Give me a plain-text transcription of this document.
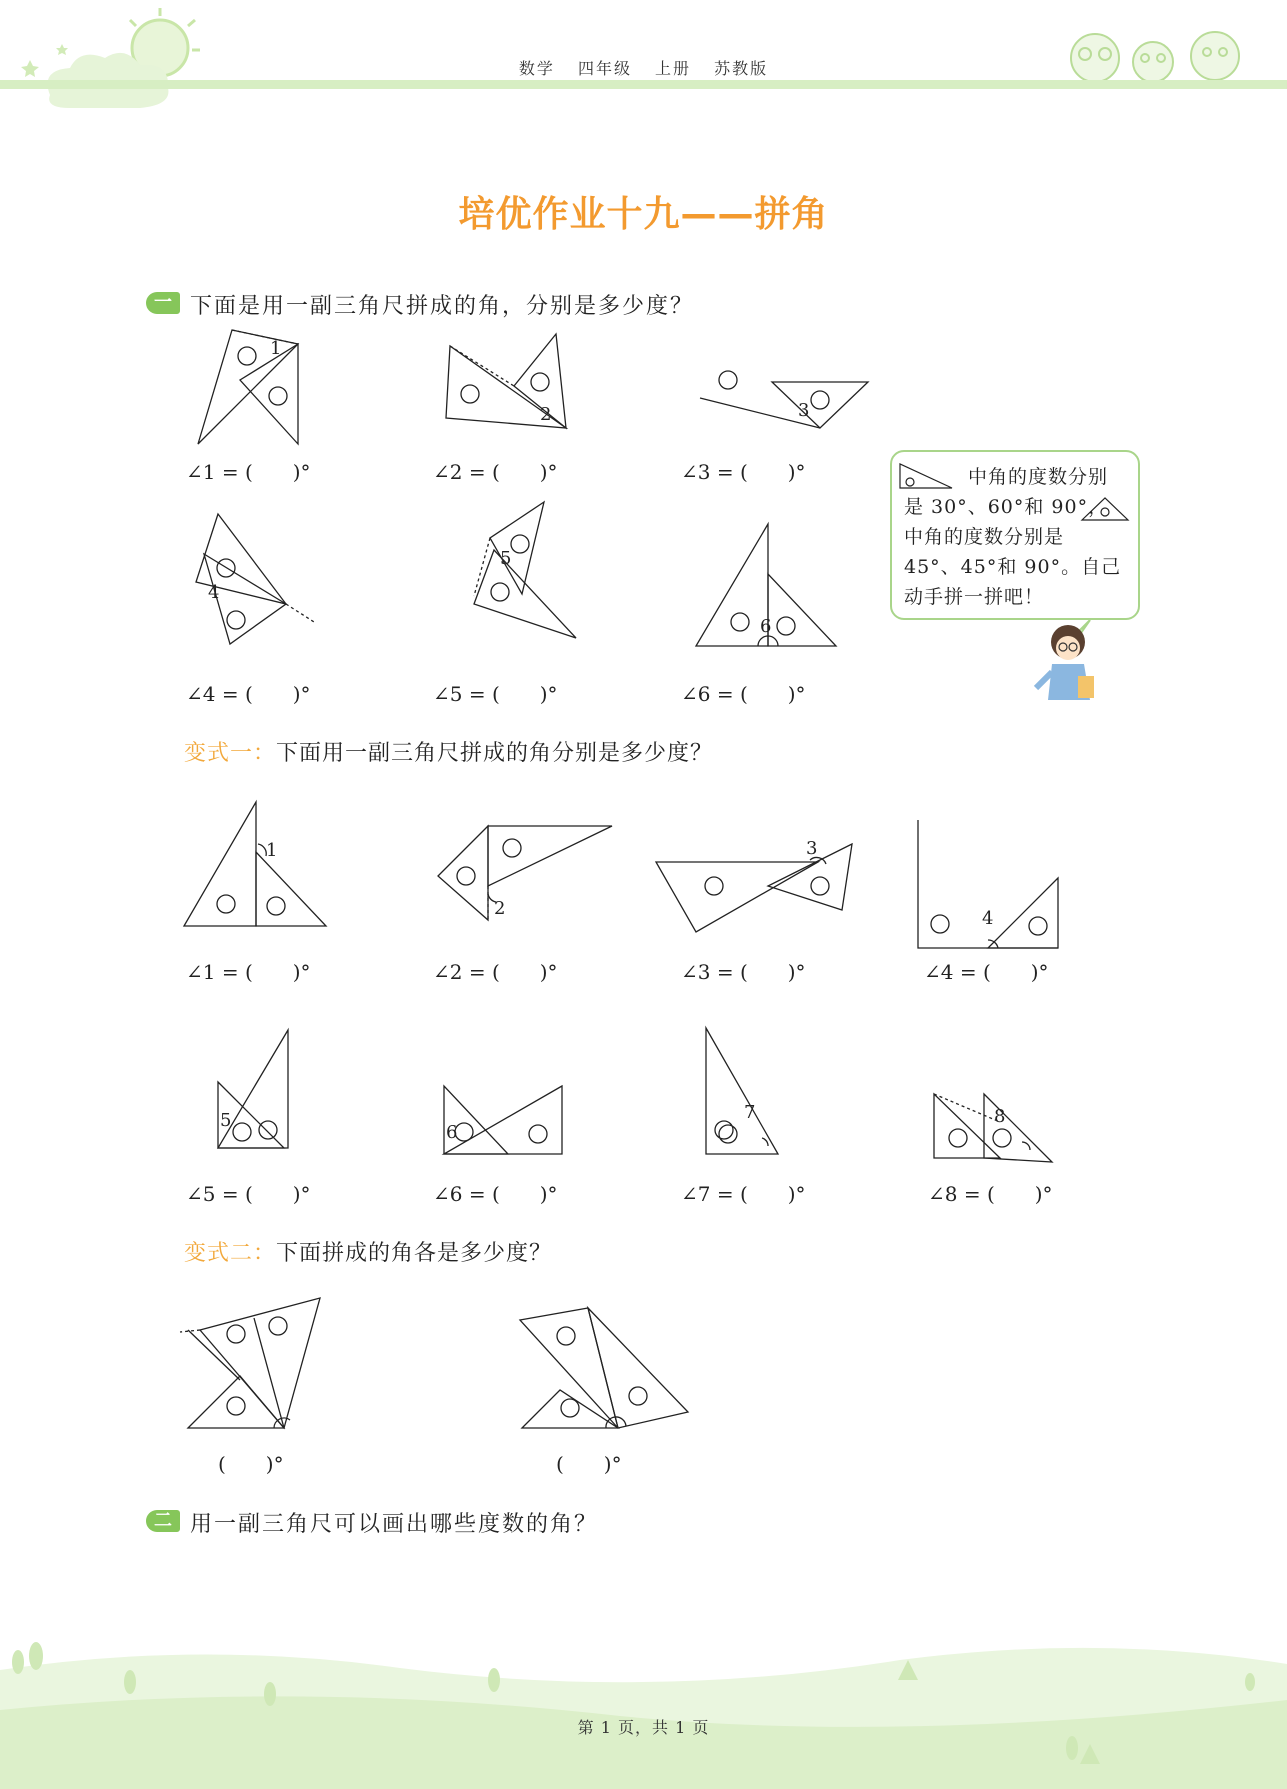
数学 四年级 上册 苏教版
培优作业十九——拼角
一 下面是用一副三角尺拼成的角，分别是多少度？
1
2	3
4
5
6
∠1 = (　　)°	∠2 = (　　)°	∠3 = (　　)°
∠4 = (　　)°	∠5 = (　　)°	∠6 = (　　)°
中角的度数分别
是 30°、60°和 90°，
中角的度数分别是
45°、45°和 90°。自己
动手拼一拼吧！
变式一：下面用一副三角尺拼成的角分别是多少度？
1
2
3
4
5
6
7	8
∠1 = (　　)°	∠2 = (　　)°	∠3 = (　　)°	∠4 = (　　)°
∠5 = (　　)°	∠6 = (　　)°	∠7 = (　　)°	∠8 = (　　)°
变式二：下面拼成的角各是多少度？
(　　)°	(　　)°
二 用一副三角尺可以画出哪些度数的角？
第 1 页，共 1 页
